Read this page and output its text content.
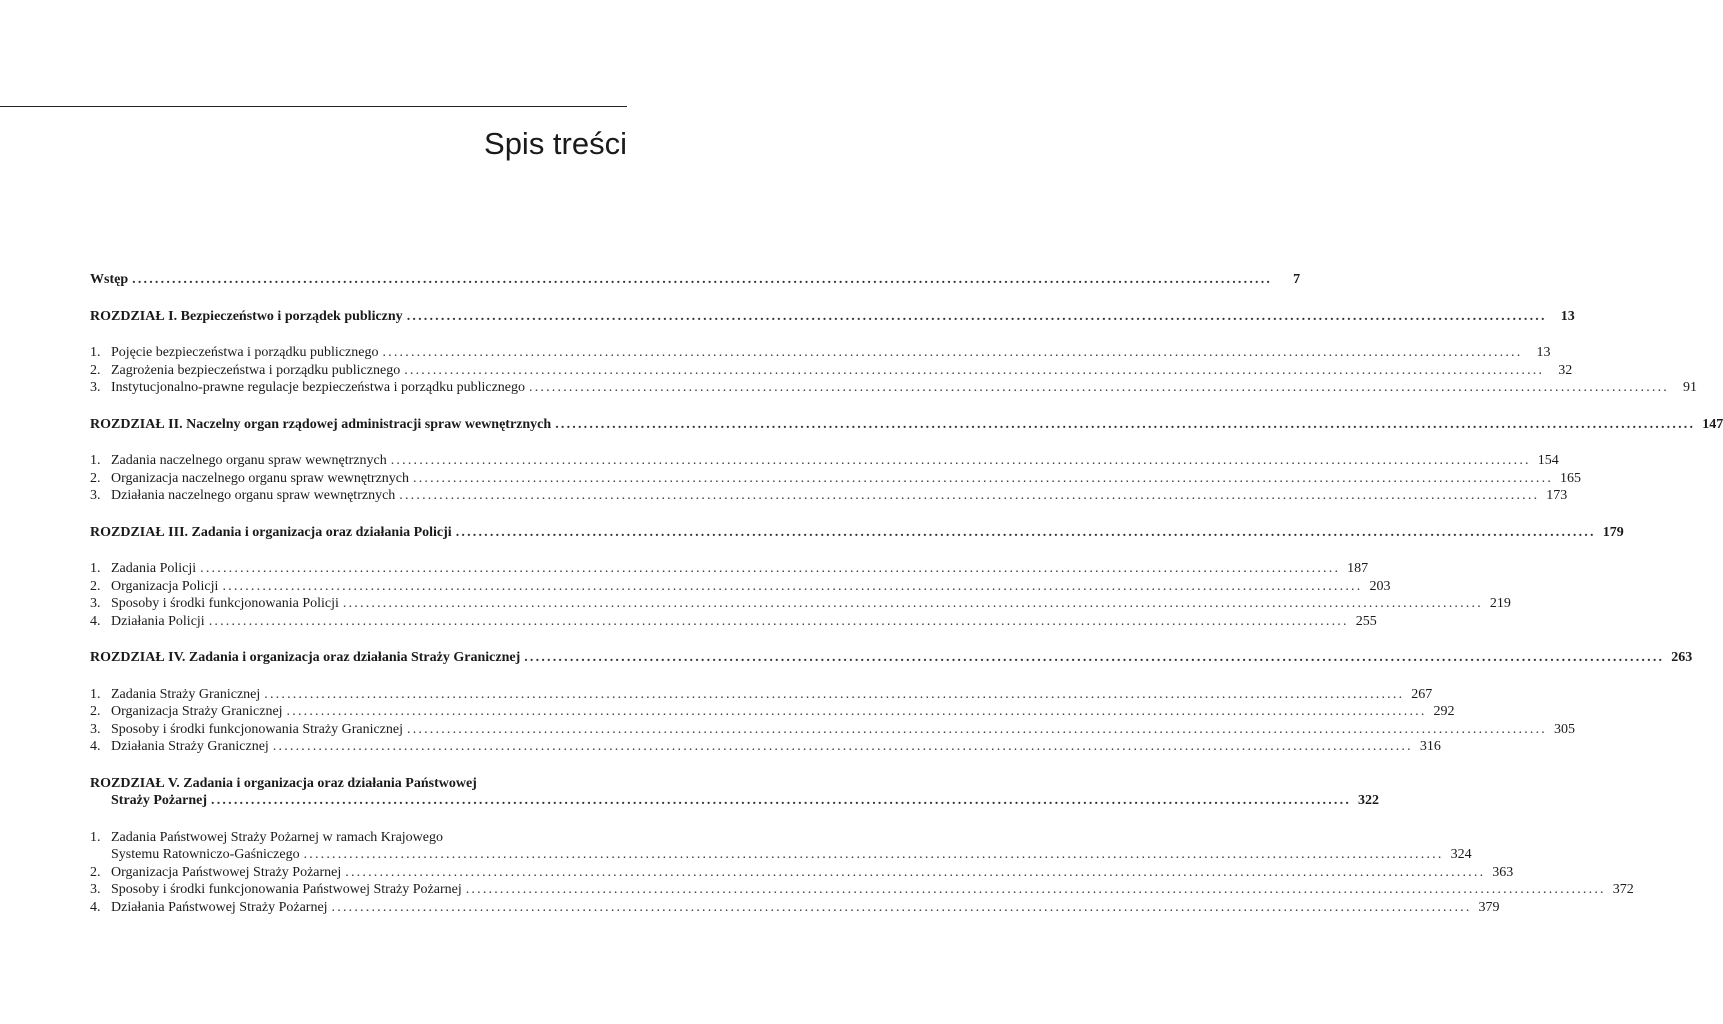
Spis treści
Wstęp ........................................................................................................................................................................................................	7
ROZDZIAŁ I. Bezpieczeństwo i porządek publiczny ........................................................................................................................................................................................................	13
1. Pojęcie bezpieczeństwa i porządku publicznego ........................................................................................................................................................................................................	13
2. Zagrożenia bezpieczeństwa i porządku publicznego ........................................................................................................................................................................................................	32
3. Instytucjonalno-prawne regulacje bezpieczeństwa i porządku publicznego ........................................................................................................................................................................................................	91
ROZDZIAŁ II. Naczelny organ rządowej administracji spraw wewnętrznych ........................................................................................................................................................................................................ 147
1. Zadania naczelnego organu spraw wewnętrznych ........................................................................................................................................................................................................ 154
2. Organizacja naczelnego organu spraw wewnętrznych ........................................................................................................................................................................................................ 165
3. Działania naczelnego organu spraw wewnętrznych ........................................................................................................................................................................................................ 173
ROZDZIAŁ III. Zadania i organizacja oraz działania Policji ........................................................................................................................................................................................................ 179
1. Zadania Policji ........................................................................................................................................................................................................ 187
2. Organizacja Policji ........................................................................................................................................................................................................ 203
3. Sposoby i środki funkcjonowania Policji ........................................................................................................................................................................................................ 219
4. Działania Policji ........................................................................................................................................................................................................ 255
ROZDZIAŁ IV. Zadania i organizacja oraz działania Straży Granicznej ........................................................................................................................................................................................................ 263
1. Zadania Straży Granicznej ........................................................................................................................................................................................................ 267
2. Organizacja Straży Granicznej ........................................................................................................................................................................................................ 292
3. Sposoby i środki funkcjonowania Straży Granicznej ........................................................................................................................................................................................................ 305
4. Działania Straży Granicznej ........................................................................................................................................................................................................ 316
ROZDZIAŁ V. Zadania i organizacja oraz działania Państwowej
Straży Pożarnej ........................................................................................................................................................................................................ 322
1. Zadania Państwowej Straży Pożarnej w ramach Krajowego
Systemu Ratowniczo-Gaśniczego ........................................................................................................................................................................................................ 324
2. Organizacja Państwowej Straży Pożarnej ........................................................................................................................................................................................................ 363
3. Sposoby i środki funkcjonowania Państwowej Straży Pożarnej ........................................................................................................................................................................................................ 372
4. Działania Państwowej Straży Pożarnej ........................................................................................................................................................................................................ 379
